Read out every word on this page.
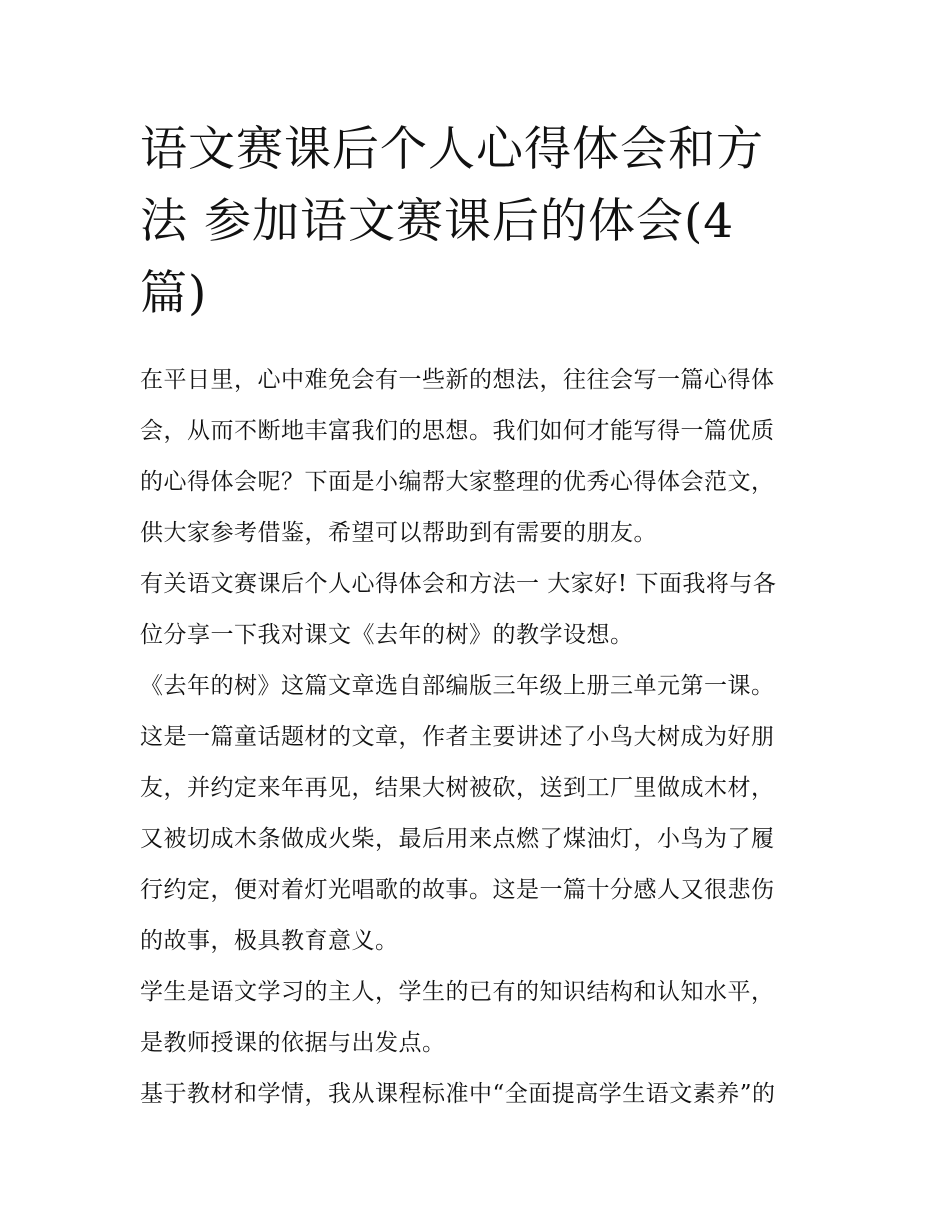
语文赛课后个人心得体会和方
法 参加语文赛课后的体会(4
篇)
在平日里，心中难免会有一些新的想法，往往会写一篇心得体
会，从而不断地丰富我们的思想。我们如何才能写得一篇优质
的心得体会呢？下面是小编帮大家整理的优秀心得体会范文，
供大家参考借鉴，希望可以帮助到有需要的朋友。
有关语文赛课后个人心得体会和方法一 大家好! 下面我将与各
位分享一下我对课文《去年的树》的教学设想。
《去年的树》这篇文章选自部编版三年级上册三单元第一课。
这是一篇童话题材的文章，作者主要讲述了小鸟大树成为好朋
友，并约定来年再见，结果大树被砍，送到工厂里做成木材，
又被切成木条做成火柴，最后用来点燃了煤油灯，小鸟为了履
行约定，便对着灯光唱歌的故事。这是一篇十分感人又很悲伤
的故事，极具教育意义。
学生是语文学习的主人，学生的已有的知识结构和认知水平，
是教师授课的依据与出发点。
基于教材和学情，我从课程标准中“全面提高学生语文素养”的
